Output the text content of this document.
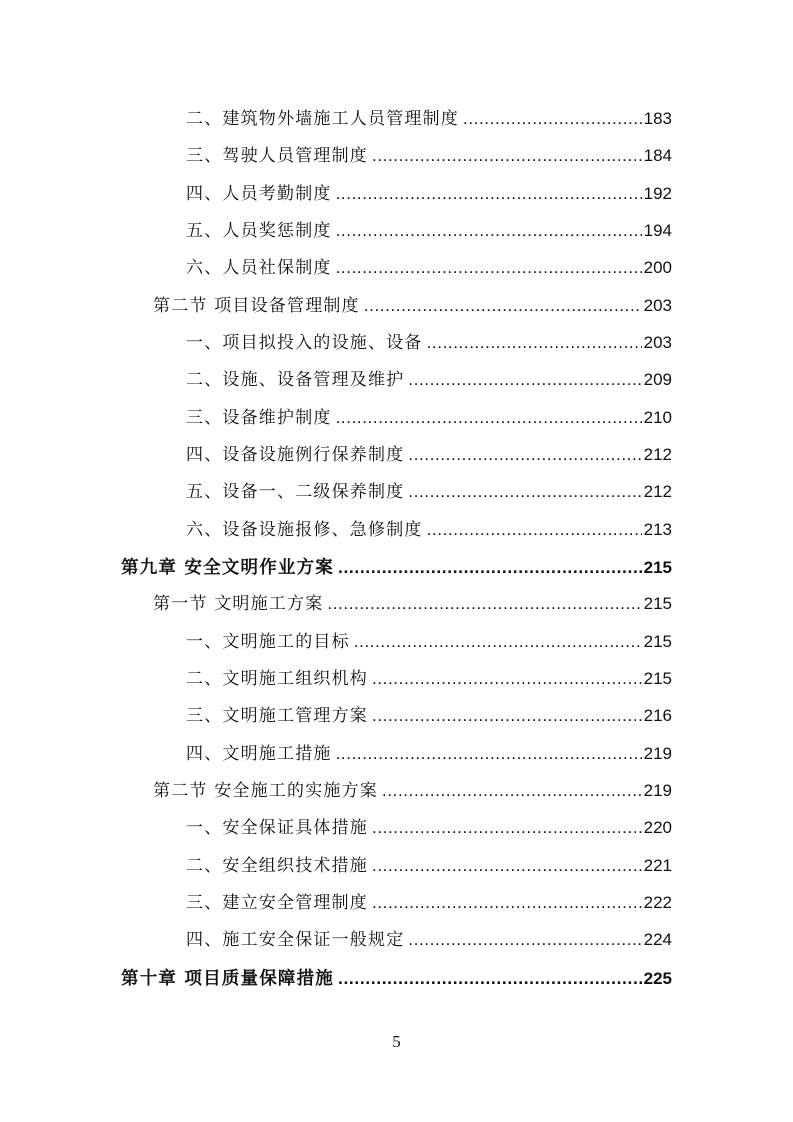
二、建筑物外墙施工人员管理制度 .....	183
三、驾驶人员管理制度 .....	184
四、人员考勤制度 .....	192
五、人员奖惩制度 .....	194
六、人员社保制度 .....	200
第二节 项目设备管理制度 .....	203
一、项目拟投入的设施、设备 .....	203
二、设施、设备管理及维护 .....	209
三、设备维护制度 .....	210
四、设备设施例行保养制度 .....	212
五、设备一、二级保养制度 .....	212
六、设备设施报修、急修制度 .....	213
第九章 安全文明作业方案 .....	215
第一节 文明施工方案 .....	215
一、文明施工的目标 .....	215
二、文明施工组织机构 .....	215
三、文明施工管理方案 .....	216
四、文明施工措施 .....	219
第二节 安全施工的实施方案 .....	219
一、安全保证具体措施 .....	220
二、安全组织技术措施 .....	221
三、建立安全管理制度 .....	222
四、施工安全保证一般规定 .....	224
第十章 项目质量保障措施 .....	225
5
